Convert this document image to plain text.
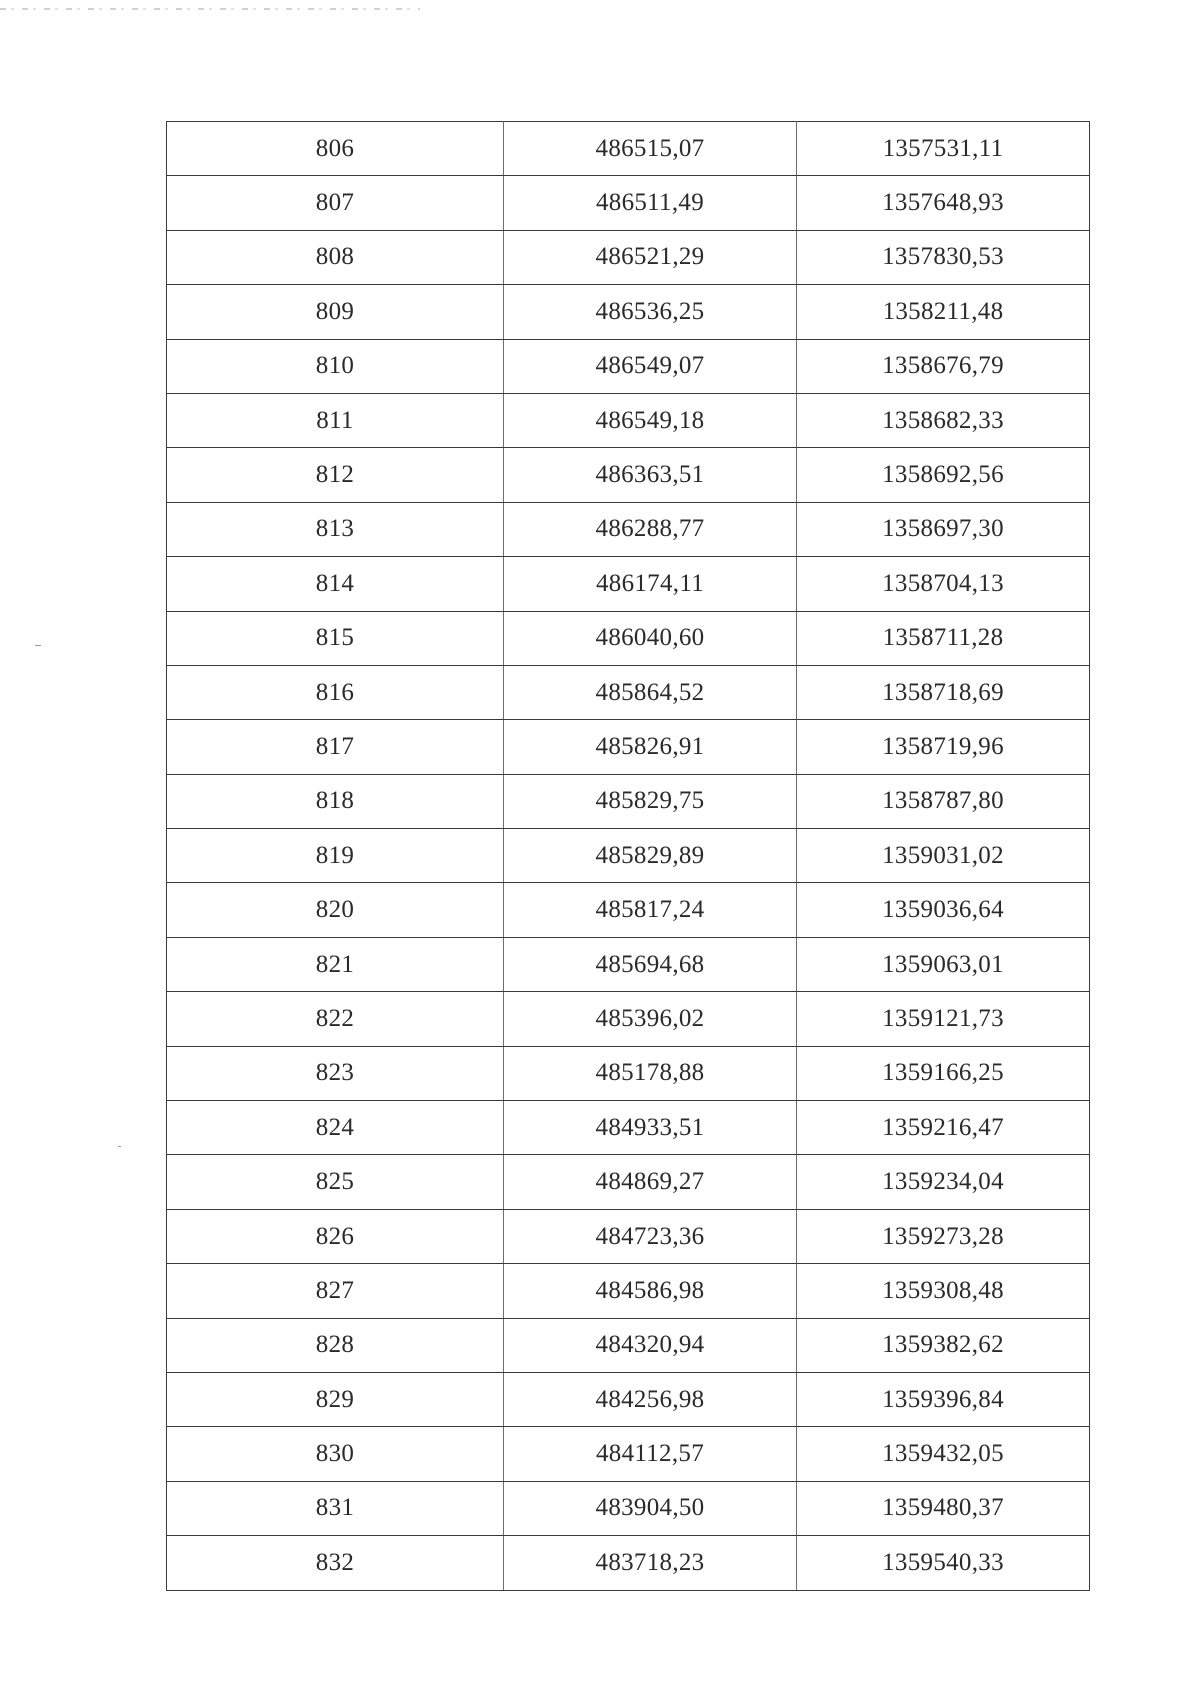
806	486515,07	1357531,11
807	486511,49	1357648,93
808	486521,29	1357830,53
809	486536,25	1358211,48
810	486549,07	1358676,79
811	486549,18	1358682,33
812	486363,51	1358692,56
813	486288,77	1358697,30
814	486174,11	1358704,13
815	486040,60	1358711,28
816	485864,52	1358718,69
817	485826,91	1358719,96
818	485829,75	1358787,80
819	485829,89	1359031,02
820	485817,24	1359036,64
821	485694,68	1359063,01
822	485396,02	1359121,73
823	485178,88	1359166,25
824	484933,51	1359216,47
825	484869,27	1359234,04
826	484723,36	1359273,28
827	484586,98	1359308,48
828	484320,94	1359382,62
829	484256,98	1359396,84
830	484112,57	1359432,05
831	483904,50	1359480,37
832	483718,23	1359540,33
